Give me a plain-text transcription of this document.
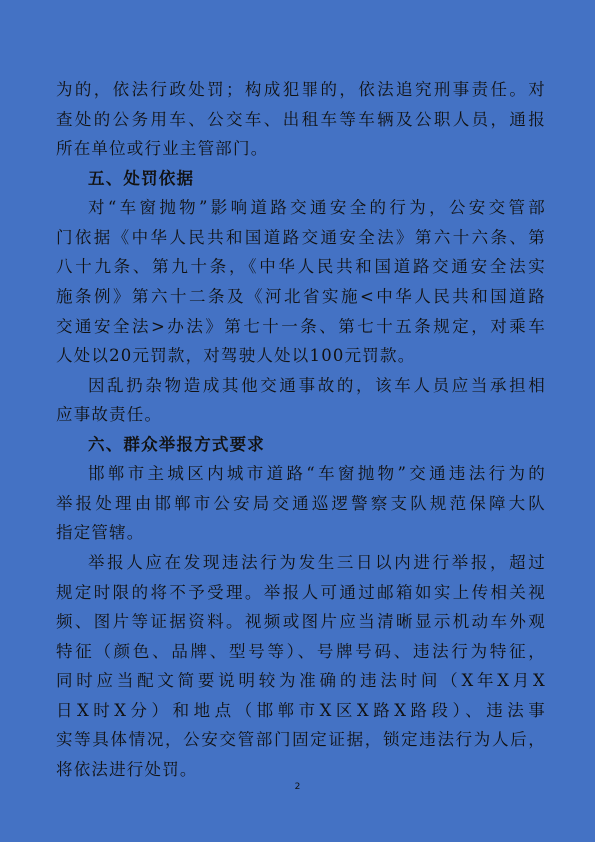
为的，依法行政处罚；构成犯罪的，依法追究刑事责任。对
查处的公务用车、公交车、出租车等车辆及公职人员，通报
所在单位或行业主管部门。
五、处罚依据
对“车窗抛物”影响道路交通安全的行为，公安交管部
门依据《中华人民共和国道路交通安全法》第六十六条、第
八十九条、第九十条，《中华人民共和国道路交通安全法实
施条例》第六十二条及《河北省实施<中华人民共和国道路
交通安全法>办法》第七十一条、第七十五条规定，对乘车
人处以20元罚款，对驾驶人处以100元罚款。
因乱扔杂物造成其他交通事故的，该车人员应当承担相
应事故责任。
六、群众举报方式要求
邯郸市主城区内城市道路“车窗抛物”交通违法行为的
举报处理由邯郸市公安局交通巡逻警察支队规范保障大队
指定管辖。
举报人应在发现违法行为发生三日以内进行举报，超过
规定时限的将不予受理。举报人可通过邮箱如实上传相关视
频、图片等证据资料。视频或图片应当清晰显示机动车外观
特征（颜色、品牌、型号等）、号牌号码、违法行为特征，
同时应当配文简要说明较为准确的违法时间（X年X月X
日X时X分）和地点（邯郸市X区X路X路段）、违法事
实等具体情况，公安交管部门固定证据，锁定违法行为人后，
将依法进行处罚。
2
